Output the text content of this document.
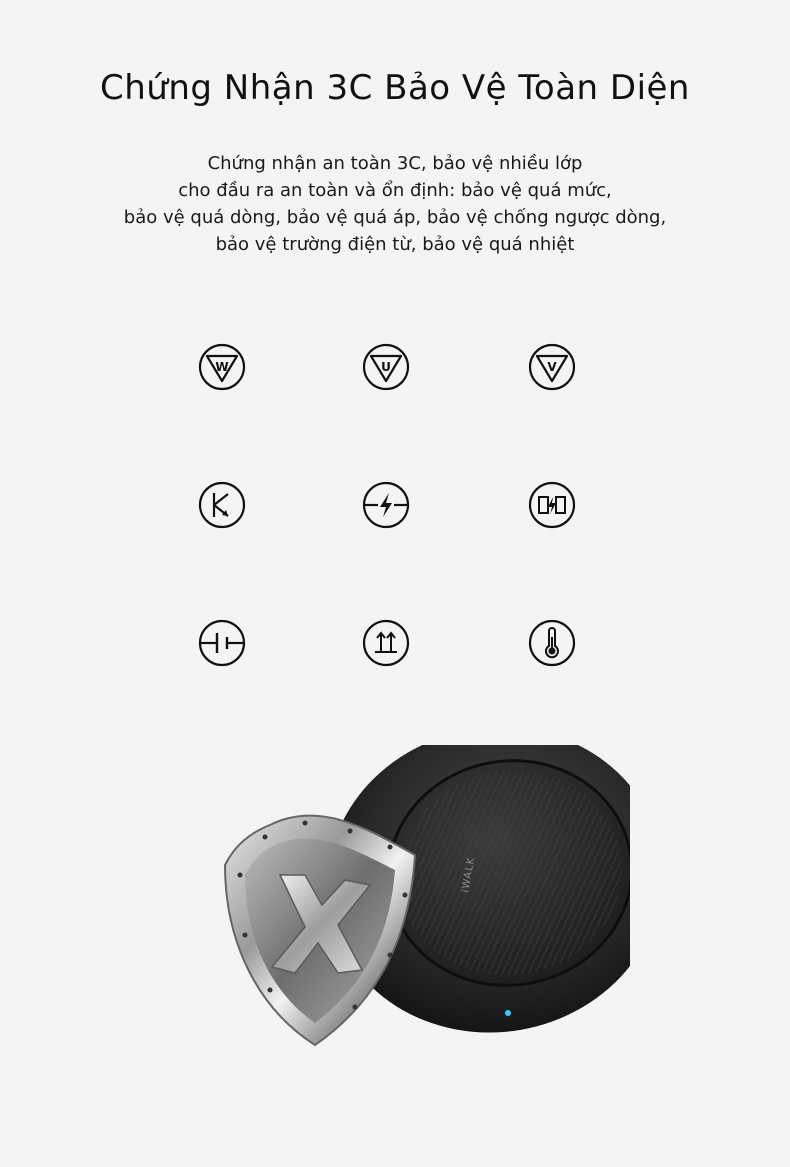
Chứng Nhận 3C Bảo Vệ Toàn Diện
Chứng nhận an toàn 3C, bảo vệ nhiều lớp
cho đầu ra an toàn và ổn định: bảo vệ quá mức,
bảo vệ quá dòng, bảo vệ quá áp, bảo vệ chống ngược dòng,
bảo vệ trường điện từ, bảo vệ quá nhiệt
W	U	V
iWALK
